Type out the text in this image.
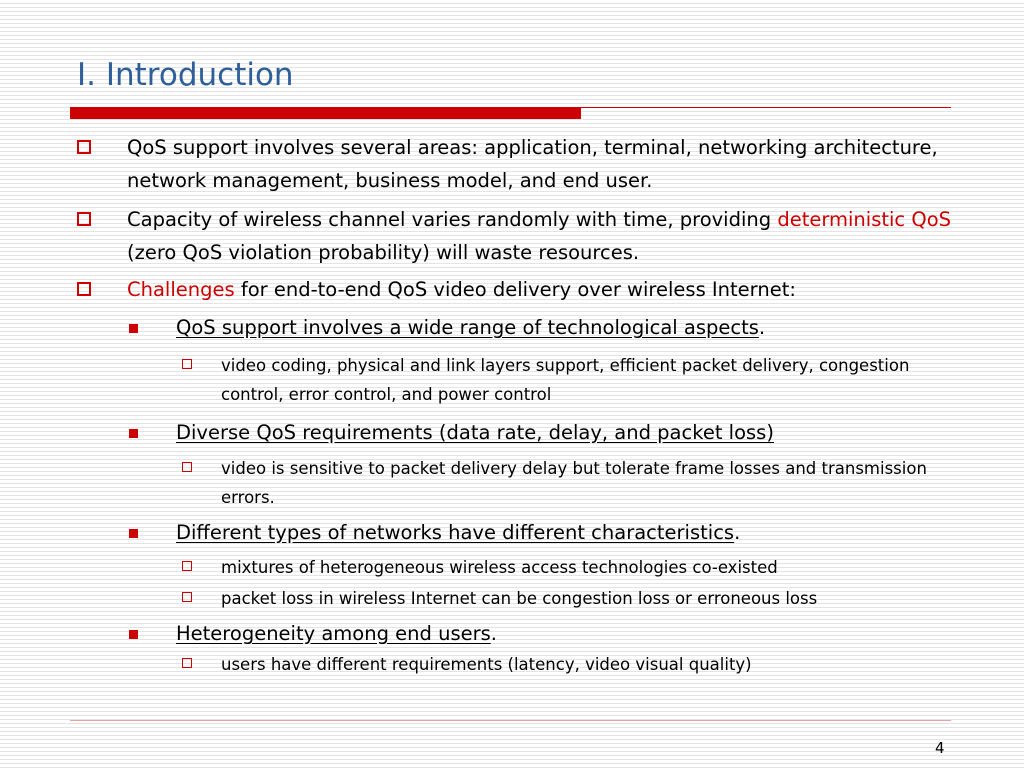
I. Introduction
QoS support involves several areas: application, terminal, networking architecture, network management, business model, and end user.
Capacity of wireless channel varies randomly with time, providing deterministic QoS (zero QoS violation probability) will waste resources.
Challenges for end-to-end QoS video delivery over wireless Internet:
QoS support involves a wide range of technological aspects.
video coding, physical and link layers support, efficient packet delivery, congestion control, error control, and power control
Diverse QoS requirements (data rate, delay, and packet loss)
video is sensitive to packet delivery delay but tolerate frame losses and transmission errors.
Different types of networks have different characteristics.
mixtures of heterogeneous wireless access technologies co-existed
packet loss in wireless Internet can be congestion loss or erroneous loss
Heterogeneity among end users.
users have different requirements (latency, video visual quality)
4
